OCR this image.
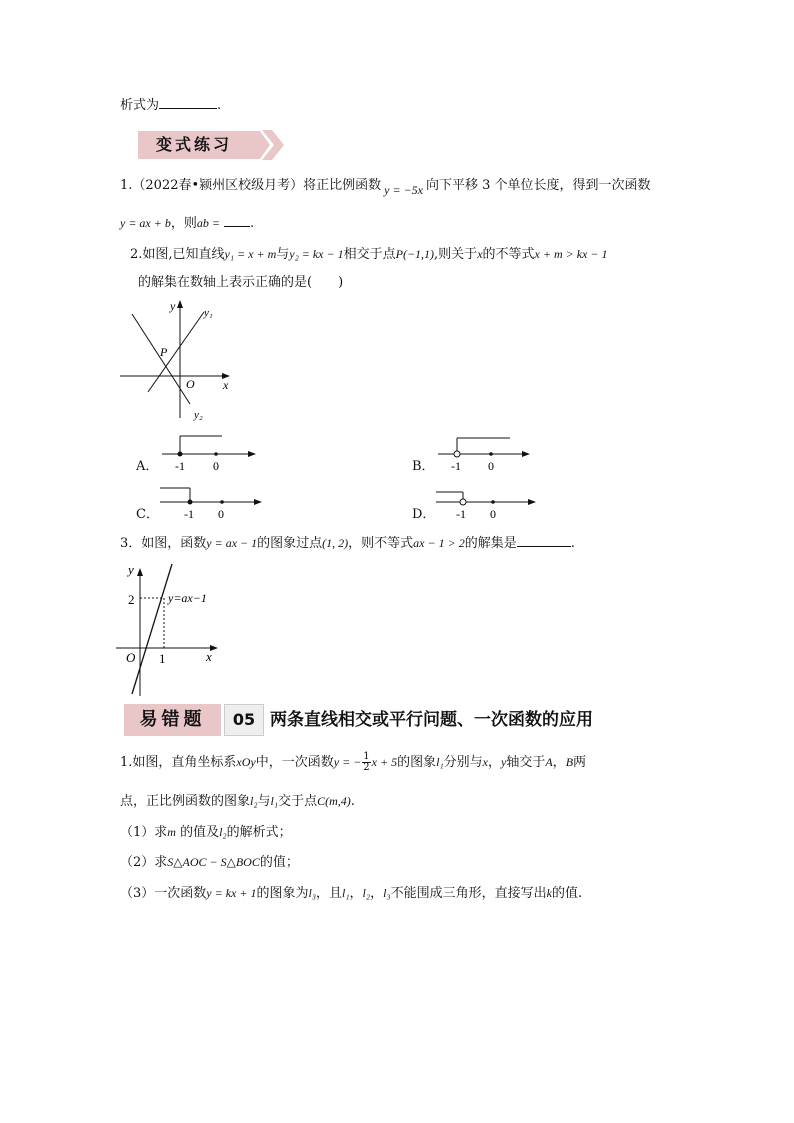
析式为	.
变式练习
1.（2022春•颍州区校级月考）将正比例函数 y = −5x 向下平移 3 个单位长度，得到一次函数
y = ax + b，则ab = .
2.如图,已知直线y₁ = x + m与y₂ = kx − 1相交于点P(−1,1),则关于x的不等式x + m > kx − 1
的解集在数轴上表示正确的是(　　)
y
x
O
P
y₁
y₂
A． -1 0	B． -1 0
C． -1 0	D． -1 0
3．如图，函数y = ax − 1的图象过点(1, 2)，则不等式ax − 1 > 2的解集是	.
y
x
O 1
2	y=ax−1
易错题	05 两条直线相交或平行问题、一次函数的应用
1.如图，直角坐标系xOy中，一次函数y = − $\frac{1}{2}$ x + 5的图象l₁分别与x，y轴交于A，B两
点，正比例函数的图象l₂与l₁交于点C(m,4).
（1）求m 的值及l₂的解析式；
（2）求S△AOC − S△BOC的值；
（3）一次函数y = kx + 1的图象为l₃，且l₁，l₂，l₃不能围成三角形，直接写出k的值.
